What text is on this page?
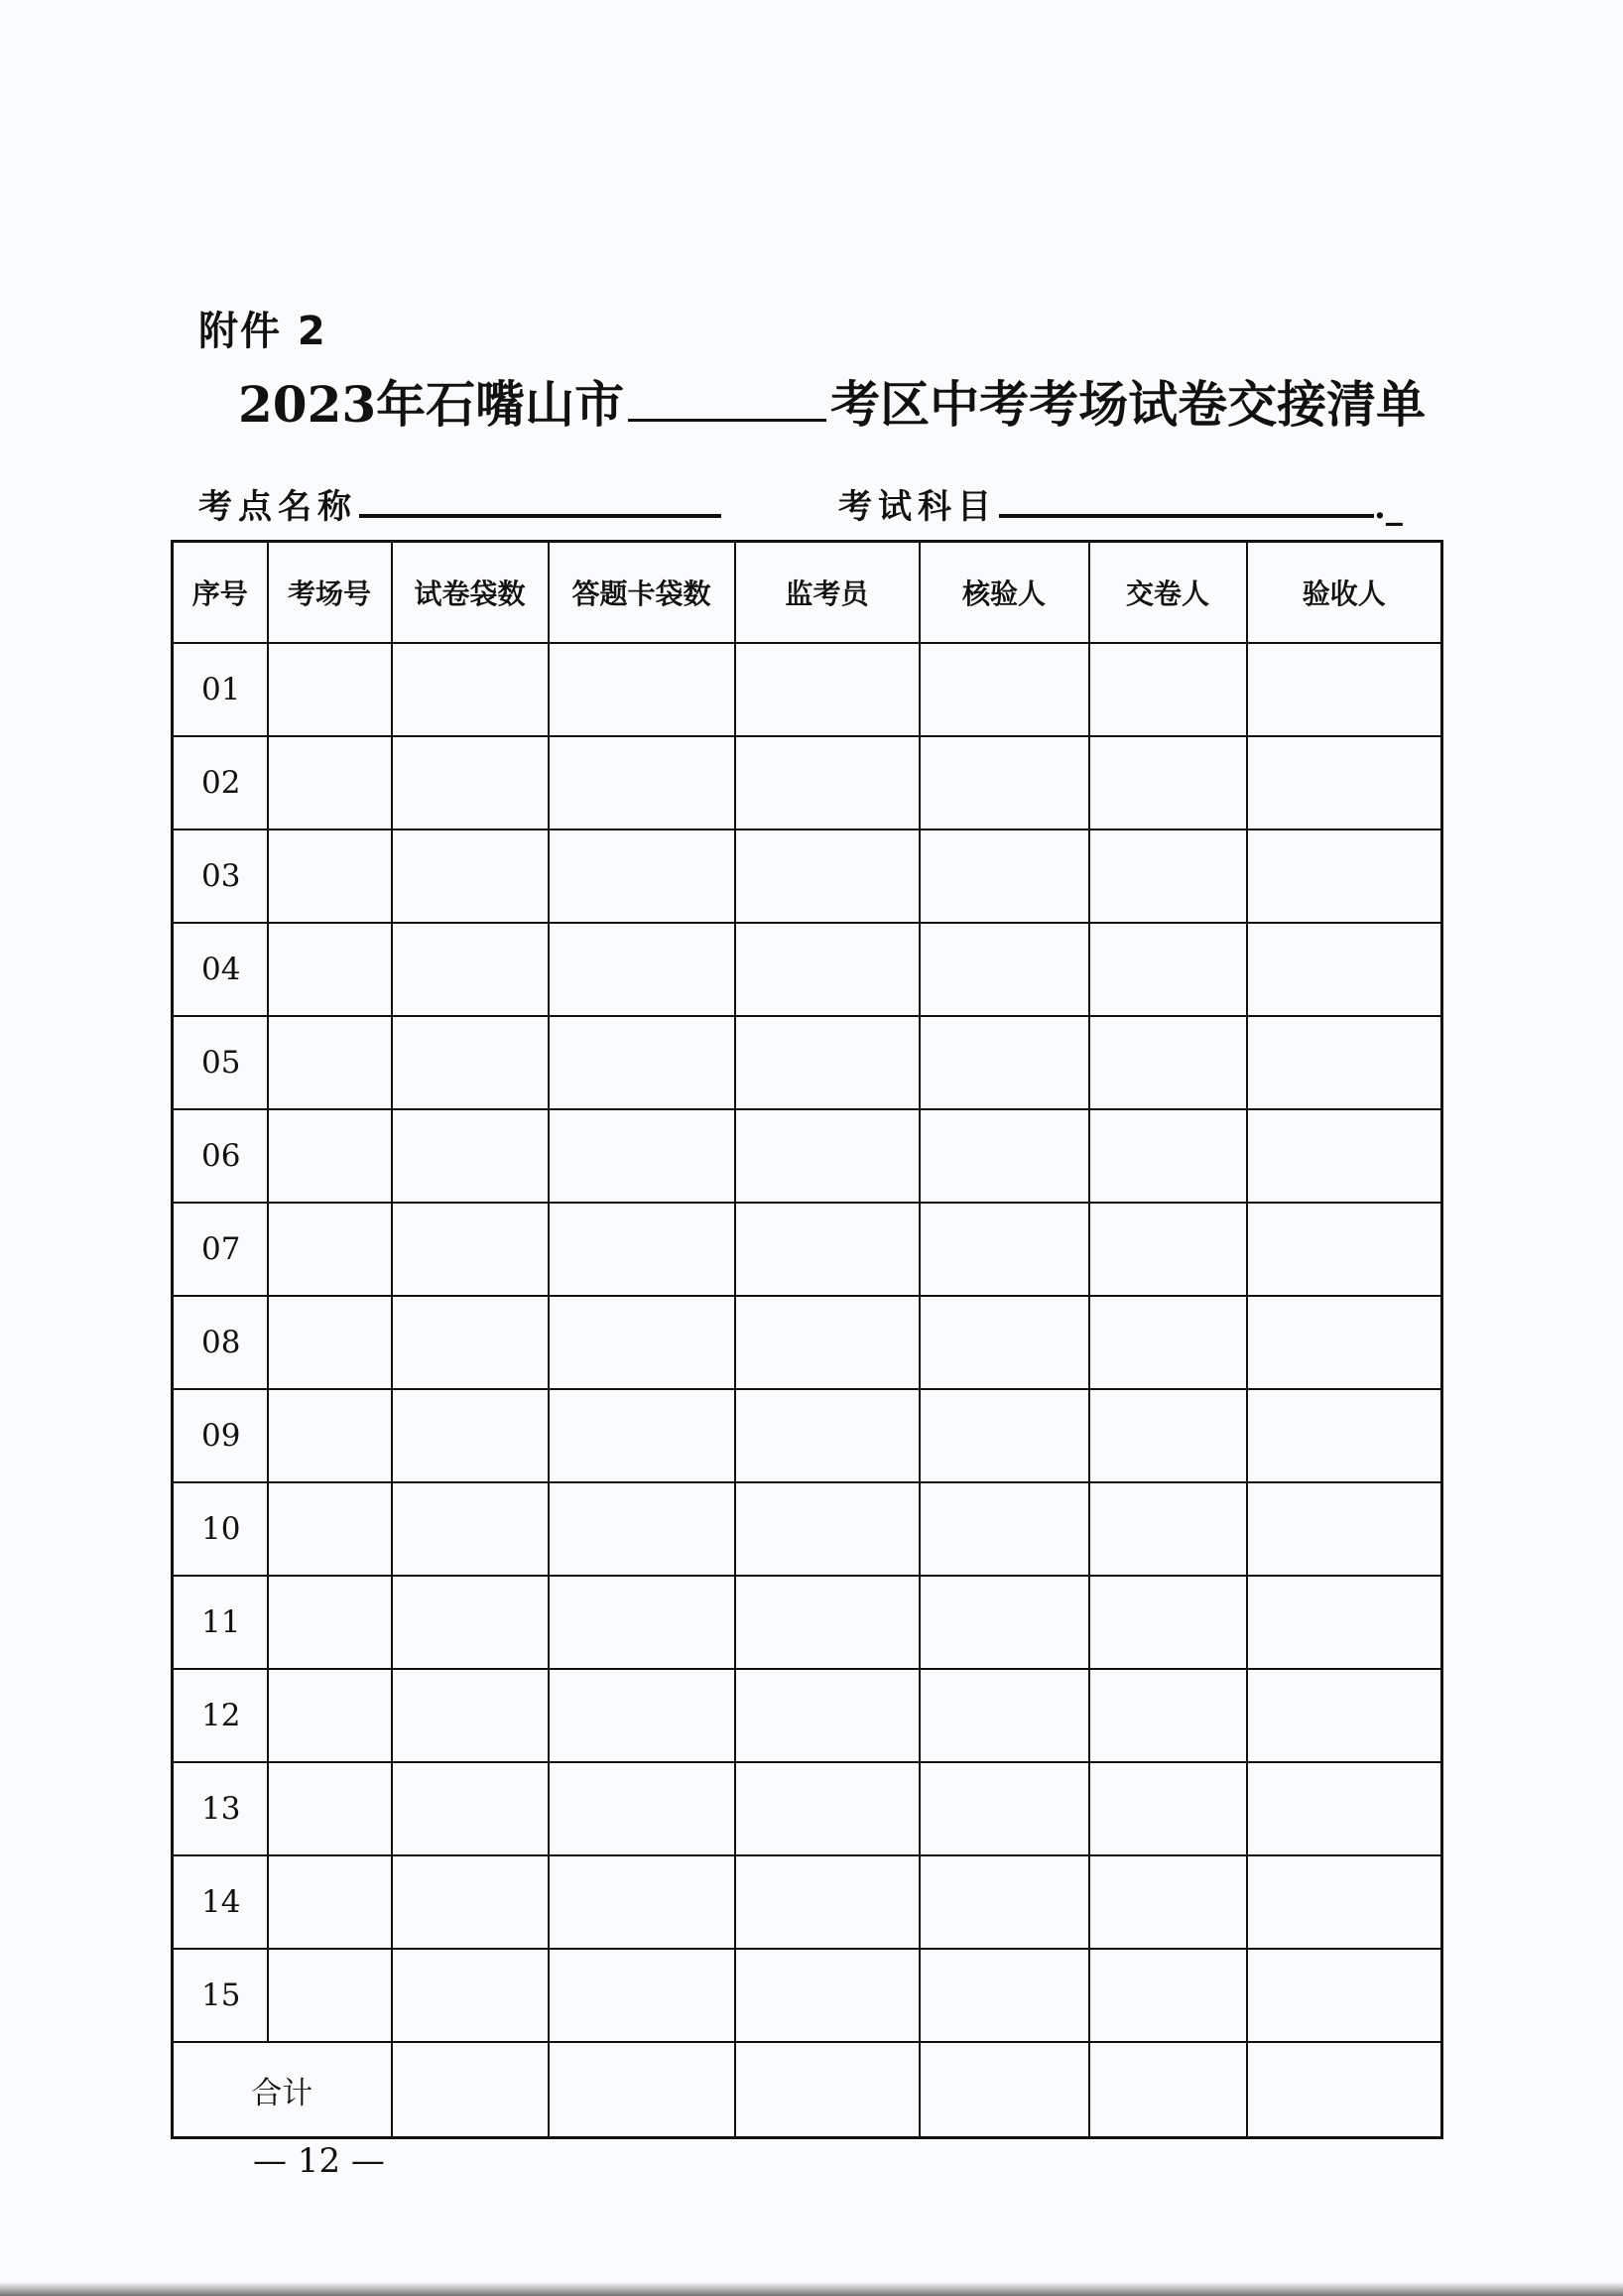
附件 2
2023年石嘴山市	考区中考考场试卷交接清单
考点名称	考试科目	._
序号	考场号	试卷袋数	答题卡袋数	监考员	核验人	交卷人	验收人
01							
02							
03							
04							
05							
06							
07							
08							
09							
10							
11							
12							
13							
14							
15							
合计							
— 12 —
